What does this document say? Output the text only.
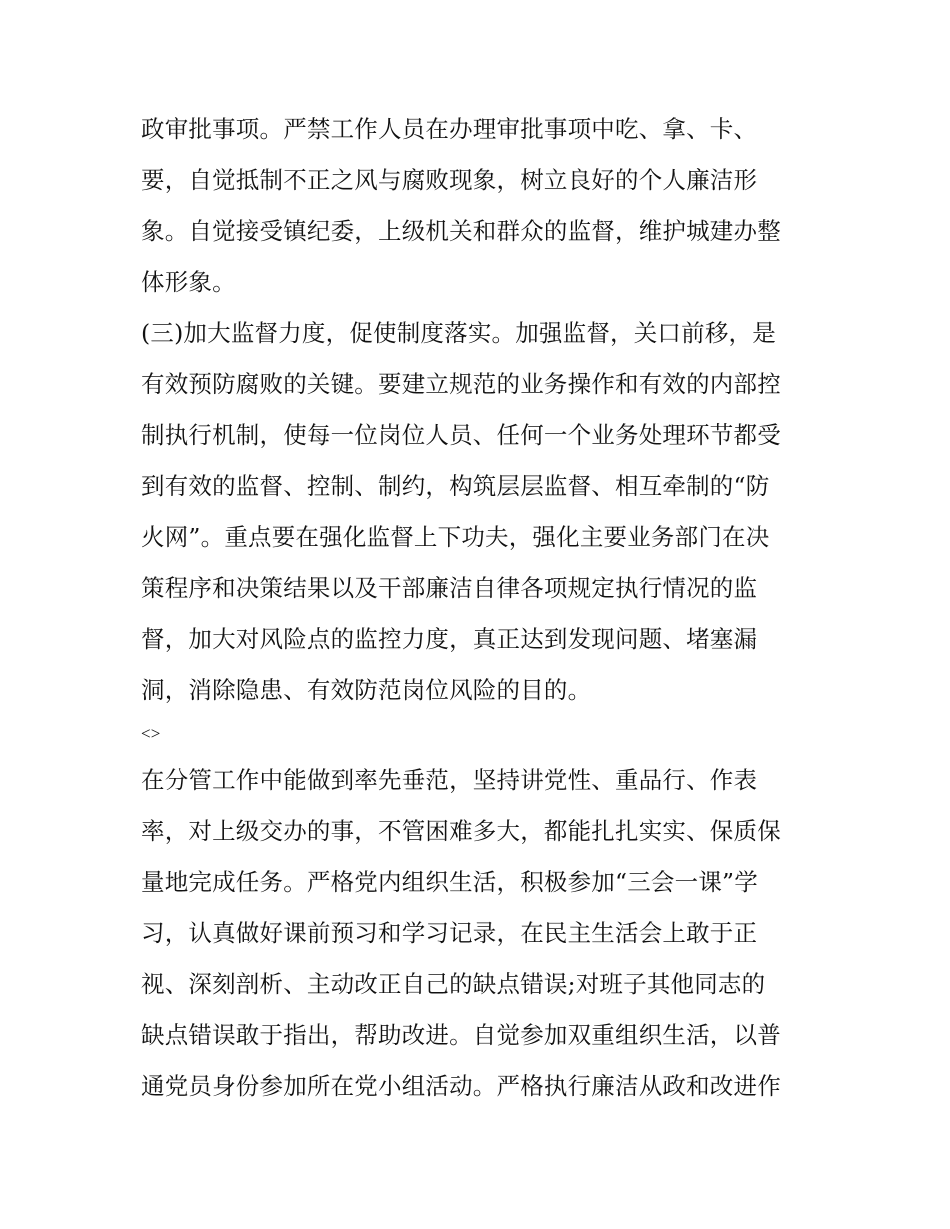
政审批事项。严禁工作人员在办理审批事项中吃、拿、卡、
要，自觉抵制不正之风与腐败现象，树立良好的个人廉洁形
象。自觉接受镇纪委，上级机关和群众的监督，维护城建办整
体形象。
(三)加大监督力度，促使制度落实。加强监督，关口前移，是
有效预防腐败的关键。要建立规范的业务操作和有效的内部控
制执行机制，使每一位岗位人员、任何一个业务处理环节都受
到有效的监督、控制、制约，构筑层层监督、相互牵制的“防
火网”。重点要在强化监督上下功夫，强化主要业务部门在决
策程序和决策结果以及干部廉洁自律各项规定执行情况的监
督，加大对风险点的监控力度，真正达到发现问题、堵塞漏
洞，消除隐患、有效防范岗位风险的目的。
<>
在分管工作中能做到率先垂范，坚持讲党性、重品行、作表
率，对上级交办的事，不管困难多大，都能扎扎实实、保质保
量地完成任务。严格党内组织生活，积极参加“三会一课”学
习，认真做好课前预习和学习记录，在民主生活会上敢于正
视、深刻剖析、主动改正自己的缺点错误;对班子其他同志的
缺点错误敢于指出，帮助改进。自觉参加双重组织生活，以普
通党员身份参加所在党小组活动。严格执行廉洁从政和改进作
